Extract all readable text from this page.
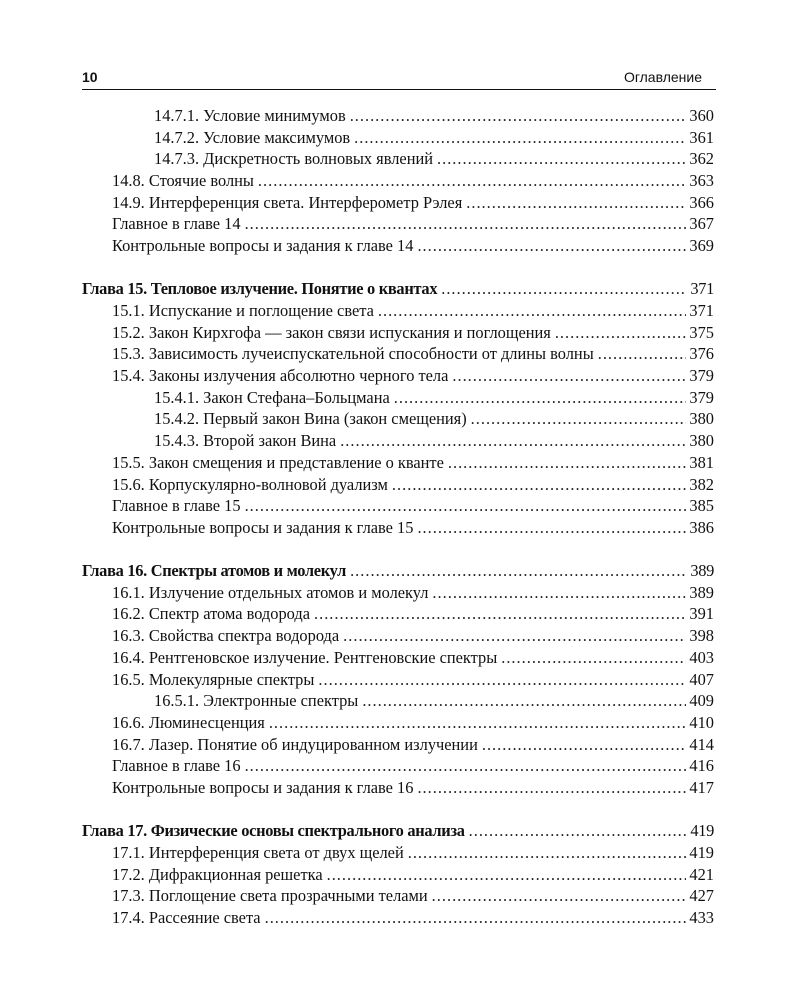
10	Оглавление
14.7.1. Условие минимумов .....	360
14.7.2. Условие максимумов .....	361
14.7.3. Дискретность волновых явлений .....	362
14.8. Стоячие волны .....	363
14.9. Интерференция света. Интерферометр Рэлея .....	366
Главное в главе 14 .....	367
Контрольные вопросы и задания к главе 14 .....	369
Глава 15. Тепловое излучение. Понятие о квантах .....	371
15.1. Испускание и поглощение света .....	371
15.2. Закон Кирхгофа — закон связи испускания и поглощения .....	375
15.3. Зависимость лучеиспускательной способности от длины волны .....	376
15.4. Законы излучения абсолютно черного тела .....	379
15.4.1. Закон Стефана–Больцмана .....	379
15.4.2. Первый закон Вина (закон смещения) .....	380
15.4.3. Второй закон Вина .....	380
15.5. Закон смещения и представление о кванте .....	381
15.6. Корпускулярно-волновой дуализм .....	382
Главное в главе 15 .....	385
Контрольные вопросы и задания к главе 15 .....	386
Глава 16. Спектры атомов и молекул .....	389
16.1. Излучение отдельных атомов и молекул .....	389
16.2. Спектр атома водорода .....	391
16.3. Свойства спектра водорода .....	398
16.4. Рентгеновское излучение. Рентгеновские спектры .....	403
16.5. Молекулярные спектры .....	407
16.5.1. Электронные спектры .....	409
16.6. Люминесценция .....	410
16.7. Лазер. Понятие об индуцированном излучении .....	414
Главное в главе 16 .....	416
Контрольные вопросы и задания к главе 16 .....	417
Глава 17. Физические основы спектрального анализа .....	419
17.1. Интерференция света от двух щелей .....	419
17.2. Дифракционная решетка .....	421
17.3. Поглощение света прозрачными телами .....	427
17.4. Рассеяние света .....	433
